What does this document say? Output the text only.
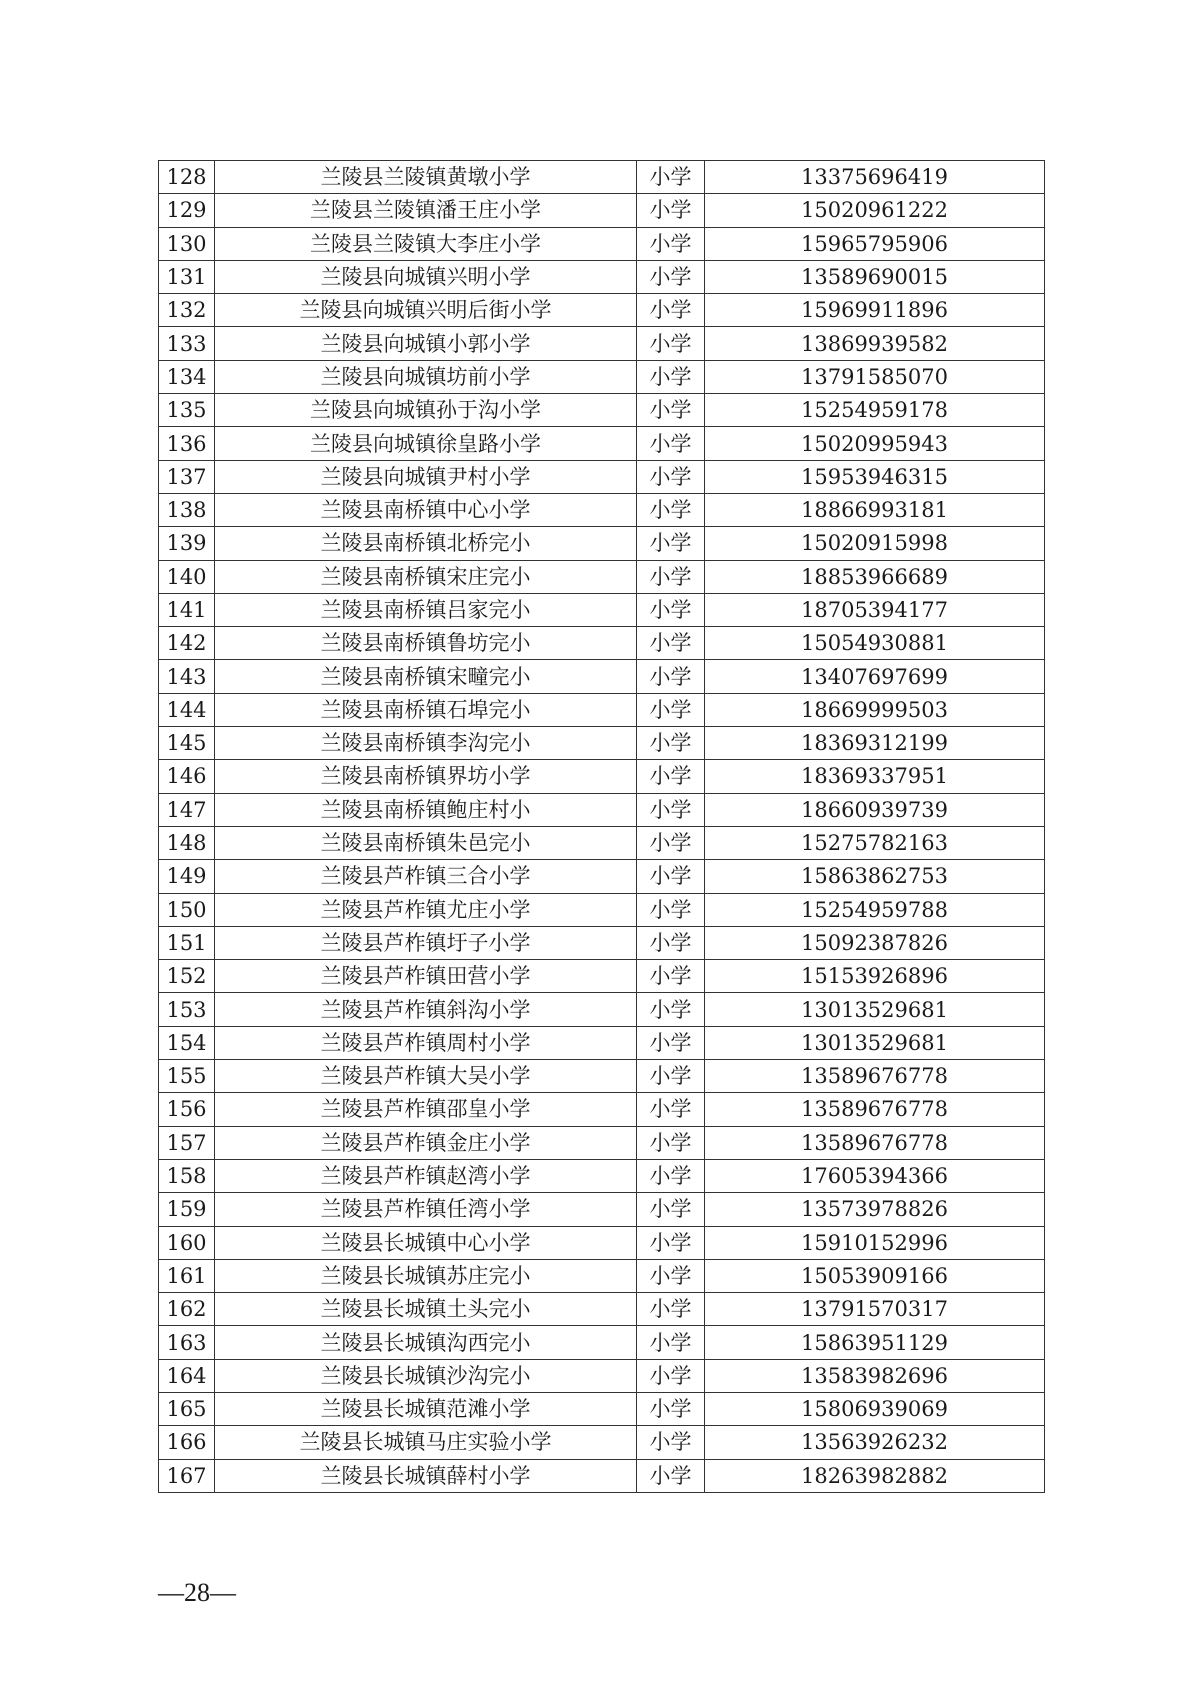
128	兰陵县兰陵镇黄墩小学	小学	13375696419
129	兰陵县兰陵镇潘王庄小学	小学	15020961222
130	兰陵县兰陵镇大李庄小学	小学	15965795906
131	兰陵县向城镇兴明小学	小学	13589690015
132	兰陵县向城镇兴明后街小学	小学	15969911896
133	兰陵县向城镇小郭小学	小学	13869939582
134	兰陵县向城镇坊前小学	小学	13791585070
135	兰陵县向城镇孙于沟小学	小学	15254959178
136	兰陵县向城镇徐皇路小学	小学	15020995943
137	兰陵县向城镇尹村小学	小学	15953946315
138	兰陵县南桥镇中心小学	小学	18866993181
139	兰陵县南桥镇北桥完小	小学	15020915998
140	兰陵县南桥镇宋庄完小	小学	18853966689
141	兰陵县南桥镇吕家完小	小学	18705394177
142	兰陵县南桥镇鲁坊完小	小学	15054930881
143	兰陵县南桥镇宋疃完小	小学	13407697699
144	兰陵县南桥镇石埠完小	小学	18669999503
145	兰陵县南桥镇李沟完小	小学	18369312199
146	兰陵县南桥镇界坊小学	小学	18369337951
147	兰陵县南桥镇鲍庄村小	小学	18660939739
148	兰陵县南桥镇朱邑完小	小学	15275782163
149	兰陵县芦柞镇三合小学	小学	15863862753
150	兰陵县芦柞镇尤庄小学	小学	15254959788
151	兰陵县芦柞镇圩子小学	小学	15092387826
152	兰陵县芦柞镇田营小学	小学	15153926896
153	兰陵县芦柞镇斜沟小学	小学	13013529681
154	兰陵县芦柞镇周村小学	小学	13013529681
155	兰陵县芦柞镇大吴小学	小学	13589676778
156	兰陵县芦柞镇邵皇小学	小学	13589676778
157	兰陵县芦柞镇金庄小学	小学	13589676778
158	兰陵县芦柞镇赵湾小学	小学	17605394366
159	兰陵县芦柞镇任湾小学	小学	13573978826
160	兰陵县长城镇中心小学	小学	15910152996
161	兰陵县长城镇苏庄完小	小学	15053909166
162	兰陵县长城镇土头完小	小学	13791570317
163	兰陵县长城镇沟西完小	小学	15863951129
164	兰陵县长城镇沙沟完小	小学	13583982696
165	兰陵县长城镇范滩小学	小学	15806939069
166	兰陵县长城镇马庄实验小学	小学	13563926232
167	兰陵县长城镇薛村小学	小学	18263982882
—28—
